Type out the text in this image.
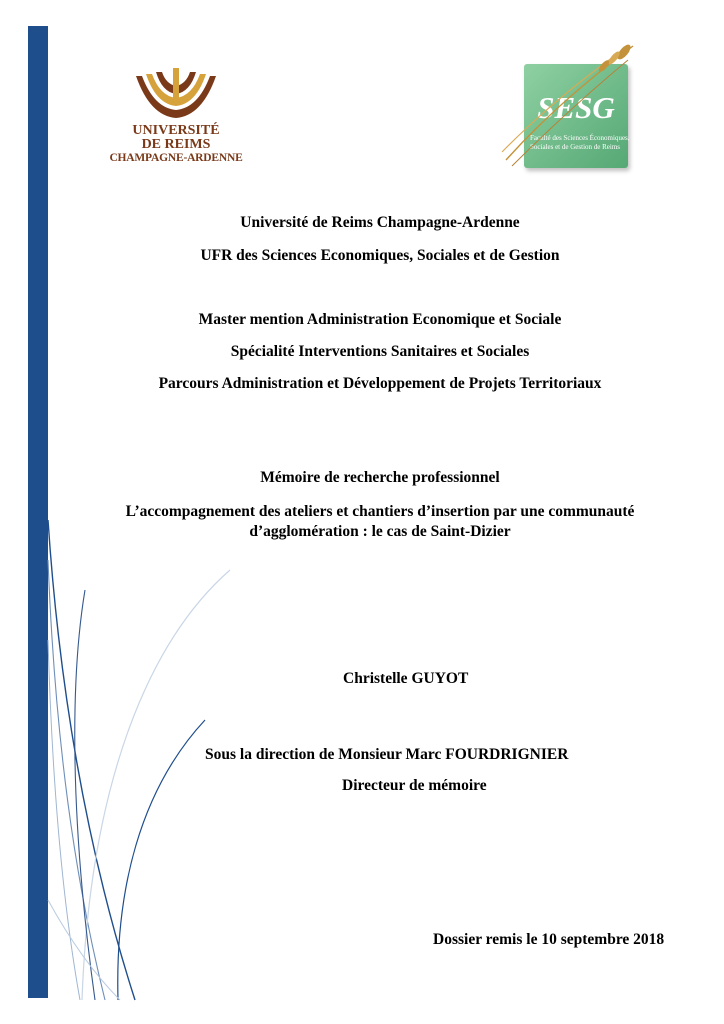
UNIVERSITÉ
DE REIMS
CHAMPAGNE-ARDENNE
SESG
Faculté des Sciences Économiques,
Sociales et de Gestion de Reims
Université de Reims Champagne-Ardenne
UFR des Sciences Economiques, Sociales et de Gestion
Master mention Administration Economique et Sociale
Spécialité Interventions Sanitaires et Sociales
Parcours Administration et Développement de Projets Territoriaux
Mémoire de recherche professionnel
L’accompagnement des ateliers et chantiers d’insertion par une communauté
d’agglomération : le cas de Saint-Dizier
Christelle GUYOT
Sous la direction de Monsieur Marc FOURDRIGNIER
Directeur de mémoire
Dossier remis le 10 septembre 2018
